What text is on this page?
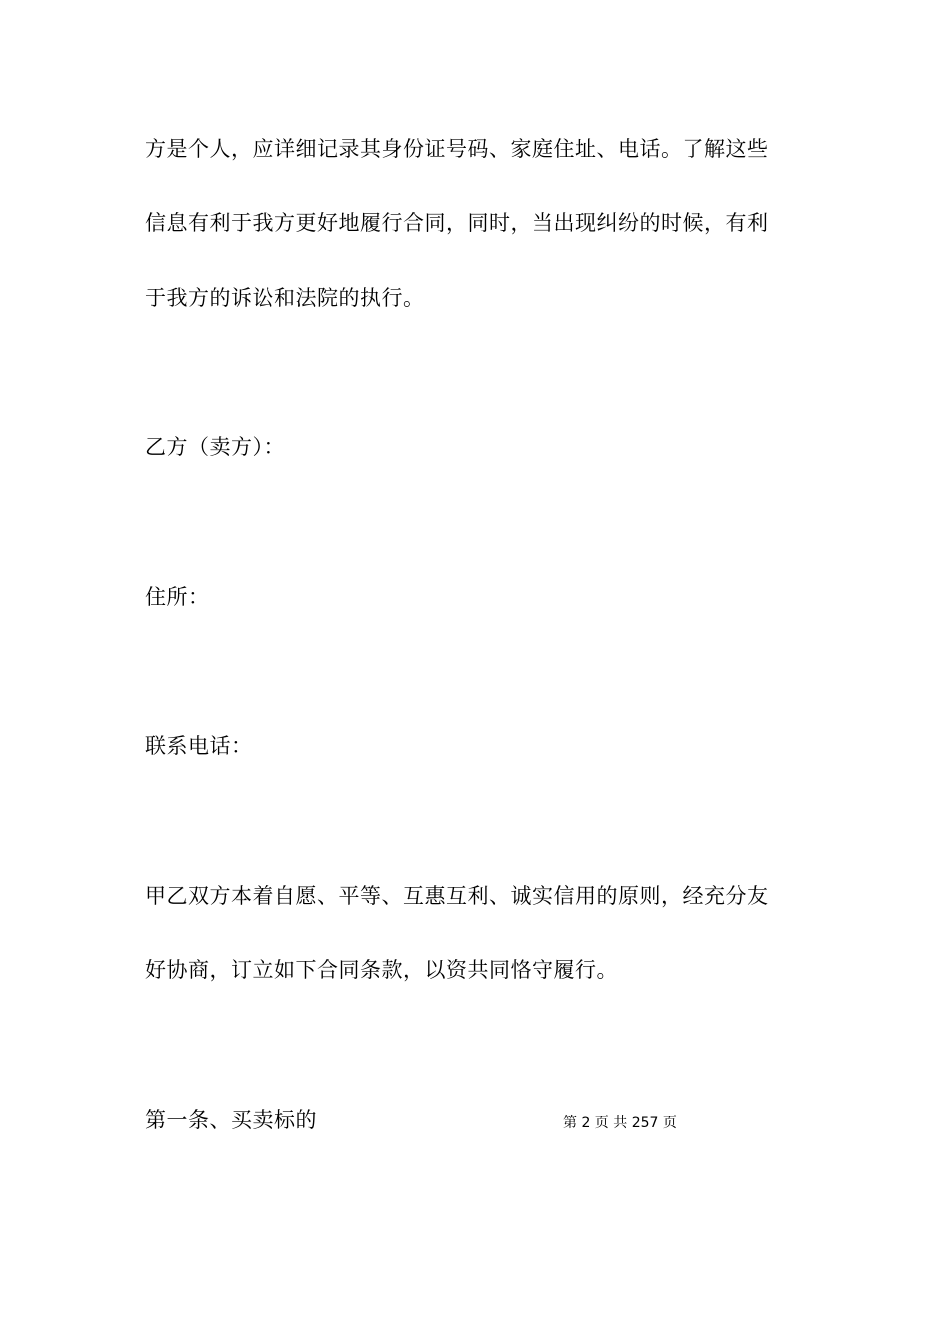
方是个人，应详细记录其身份证号码、家庭住址、电话。了解这些
信息有利于我方更好地履行合同，同时，当出现纠纷的时候，有利
于我方的诉讼和法院的执行。
乙方（卖方）：
住所：
联系电话：
甲乙双方本着自愿、平等、互惠互利、诚实信用的原则，经充分友
好协商，订立如下合同条款，以资共同恪守履行。
第一条、买卖标的	第 2 页 共 257 页
